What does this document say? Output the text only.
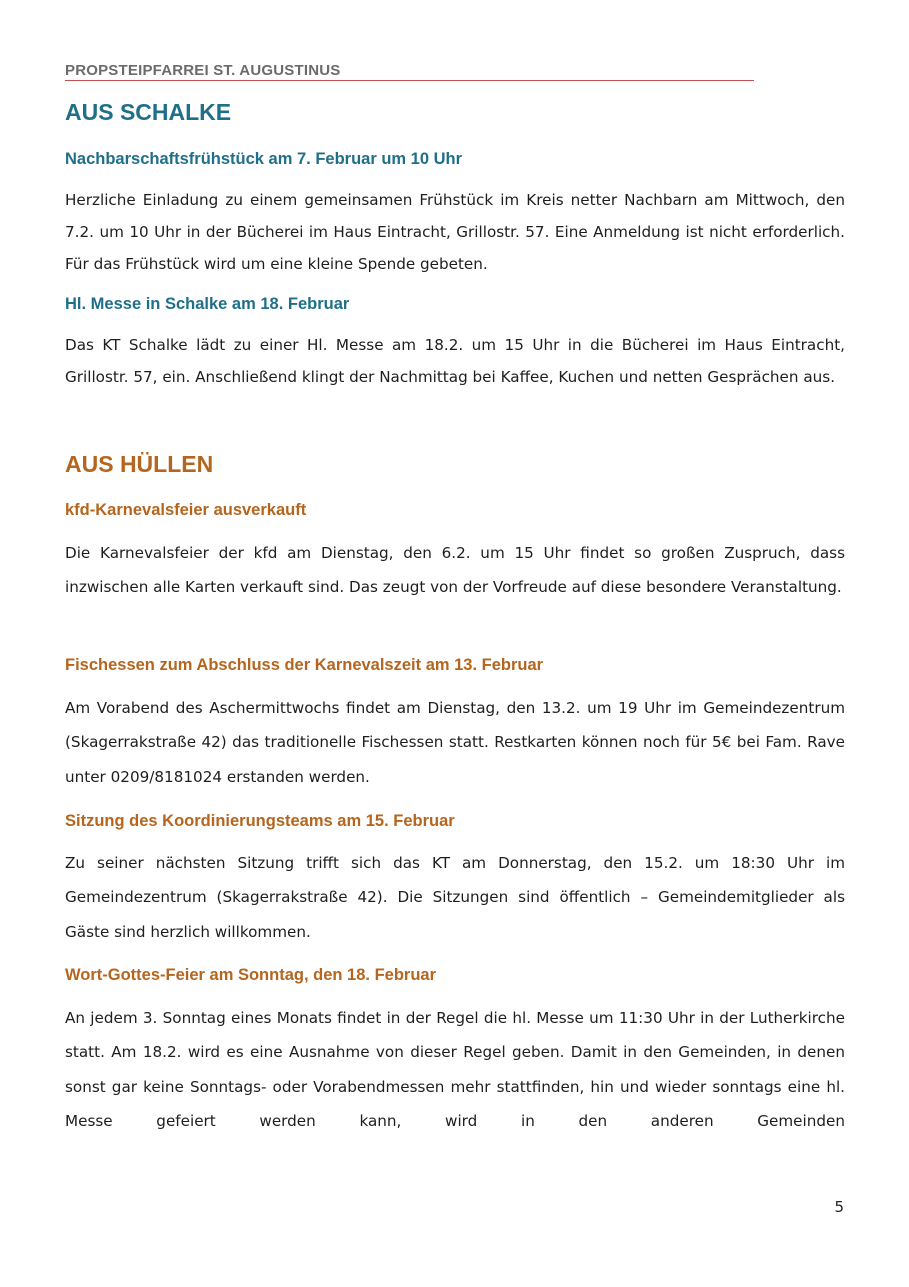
PROPSTEIPFARREI ST. AUGUSTINUS
AUS SCHALKE
Nachbarschaftsfrühstück am 7. Februar um 10 Uhr

Herzliche Einladung zu einem gemeinsamen Frühstück im Kreis netter Nachbarn am Mittwoch, den 7.2. um 10 Uhr in der Bücherei im Haus Eintracht, Grillostr. 57. Eine Anmeldung ist nicht erforderlich. Für das Frühstück wird um eine kleine Spende gebeten.

Hl. Messe in Schalke am 18. Februar

Das KT Schalke lädt zu einer Hl. Messe am 18.2. um 15 Uhr in die Bücherei im Haus Eintracht, Grillostr. 57, ein. Anschließend klingt der Nachmittag bei Kaffee, Kuchen und netten Gesprächen aus.

AUS HÜLLEN
kfd-Karnevalsfeier ausverkauft

Die Karnevalsfeier der kfd am Dienstag, den 6.2. um 15 Uhr findet so großen Zuspruch, dass inzwischen alle Karten verkauft sind. Das zeugt von der Vorfreude auf diese besondere Veranstaltung.

Fischessen zum Abschluss der Karnevalszeit am 13. Februar

Am Vorabend des Aschermittwochs findet am Dienstag, den 13.2. um 19 Uhr im Gemeindezentrum (Skagerrakstraße 42) das traditionelle Fischessen statt. Restkarten können noch für 5€ bei Fam. Rave unter 0209/8181024 erstanden werden.

Sitzung des Koordinierungsteams am 15. Februar

Zu seiner nächsten Sitzung trifft sich das KT am Donnerstag, den 15.2. um 18:30 Uhr im Gemeindezentrum (Skagerrakstraße 42). Die Sitzungen sind öffentlich – Gemeindemitglieder als Gäste sind herzlich willkommen.

Wort-Gottes-Feier am Sonntag, den 18. Februar

An jedem 3. Sonntag eines Monats findet in der Regel die hl. Messe um 11:30 Uhr in der Lutherkirche statt. Am 18.2. wird es eine Ausnahme von dieser Regel geben. Damit in den Gemeinden, in denen sonst gar keine Sonntags- oder Vorabendmessen mehr stattfinden, hin und wieder sonntags eine hl. Messe gefeiert werden kann, wird in den anderen Gemeinden

5
